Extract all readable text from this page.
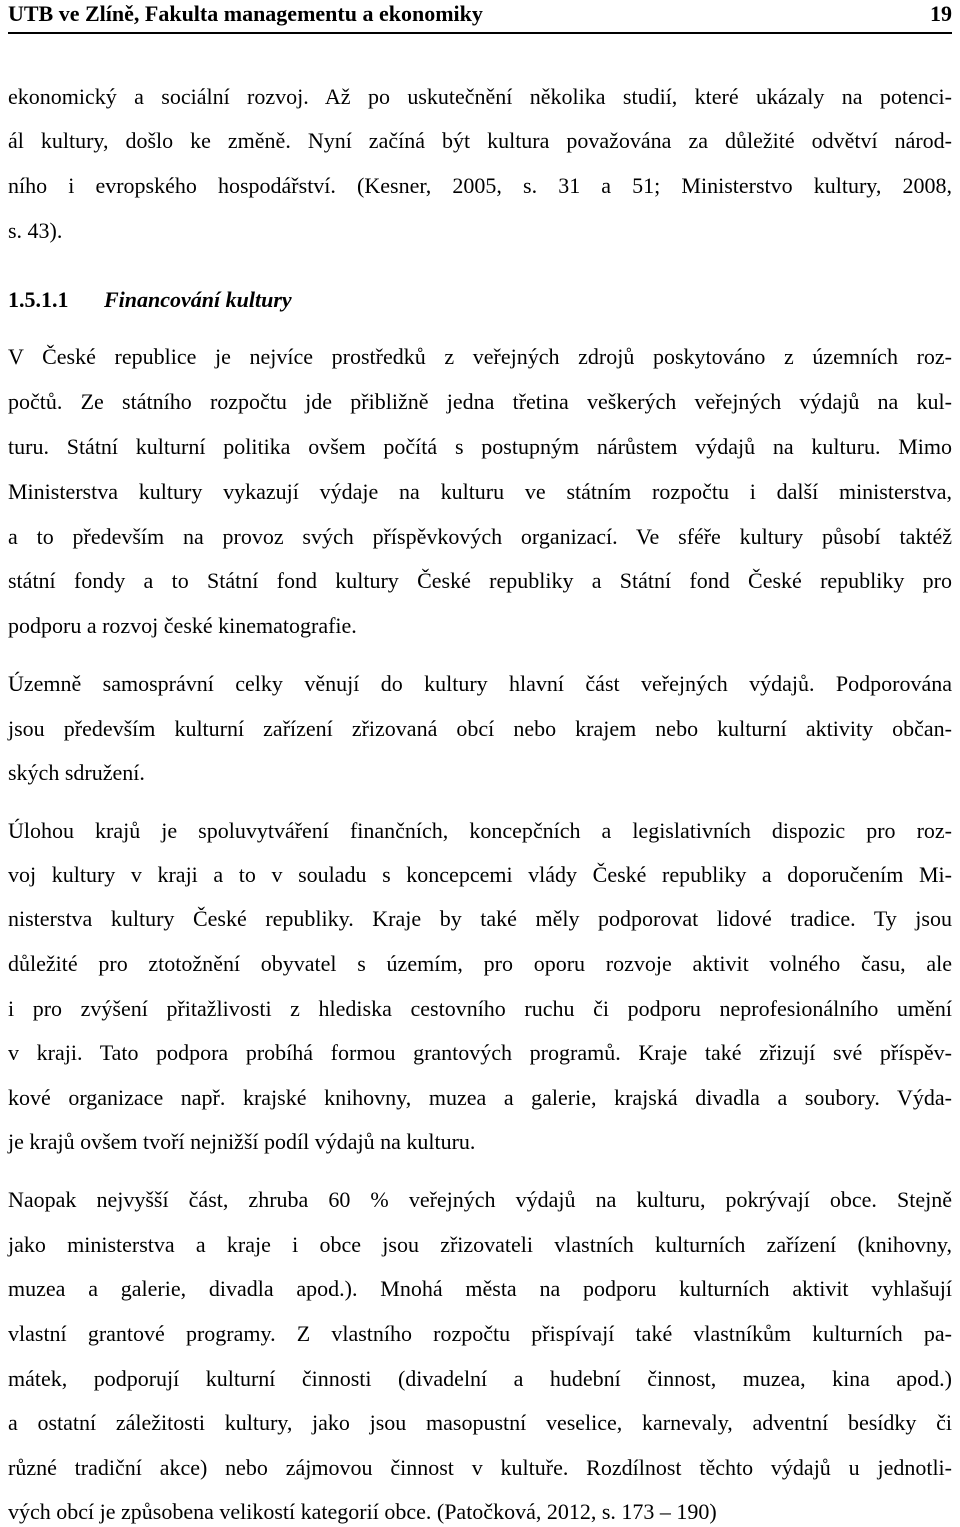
UTB ve Zlíně, Fakulta managementu a ekonomiky	19
ekonomický a sociální rozvoj. Až po uskutečnění několika studií, které ukázaly na potenci-
ál kultury, došlo ke změně. Nyní začíná být kultura považována za důležité odvětví národ-
ního i evropského hospodářství. (Kesner, 2005, s. 31 a 51; Ministerstvo kultury, 2008,
s. 43).
1.5.1.1 Financování kultury
V České republice je nejvíce prostředků z veřejných zdrojů poskytováno z územních roz-
počtů. Ze státního rozpočtu jde přibližně jedna třetina veškerých veřejných výdajů na kul-
turu. Státní kulturní politika ovšem počítá s postupným nárůstem výdajů na kulturu. Mimo
Ministerstva kultury vykazují výdaje na kulturu ve státním rozpočtu i další ministerstva,
a to především na provoz svých příspěvkových organizací. Ve sféře kultury působí taktéž
státní fondy a to Státní fond kultury České republiky a Státní fond České republiky pro
podporu a rozvoj české kinematografie.
Územně samosprávní celky věnují do kultury hlavní část veřejných výdajů. Podporována
jsou především kulturní zařízení zřizovaná obcí nebo krajem nebo kulturní aktivity občan-
ských sdružení.
Úlohou krajů je spoluvytváření finančních, koncepčních a legislativních dispozic pro roz-
voj kultury v kraji a to v souladu s koncepcemi vlády České republiky a doporučením Mi-
nisterstva kultury České republiky. Kraje by také měly podporovat lidové tradice. Ty jsou
důležité pro ztotožnění obyvatel s územím, pro oporu rozvoje aktivit volného času, ale
i pro zvýšení přitažlivosti z hlediska cestovního ruchu či podporu neprofesionálního umění
v kraji. Tato podpora probíhá formou grantových programů. Kraje také zřizují své příspěv-
kové organizace např. krajské knihovny, muzea a galerie, krajská divadla a soubory. Výda-
je krajů ovšem tvoří nejnižší podíl výdajů na kulturu.
Naopak nejvyšší část, zhruba 60 % veřejných výdajů na kulturu, pokrývají obce. Stejně
jako ministerstva a kraje i obce jsou zřizovateli vlastních kulturních zařízení (knihovny,
muzea a galerie, divadla apod.). Mnohá města na podporu kulturních aktivit vyhlašují
vlastní grantové programy. Z vlastního rozpočtu přispívají také vlastníkům kulturních pa-
mátek, podporují kulturní činnosti (divadelní a hudební činnost, muzea, kina apod.)
a ostatní záležitosti kultury, jako jsou masopustní veselice, karnevaly, adventní besídky či
různé tradiční akce) nebo zájmovou činnost v kultuře. Rozdílnost těchto výdajů u jednotli-
vých obcí je způsobena velikostí kategorií obce. (Patočková, 2012, s. 173 – 190)
